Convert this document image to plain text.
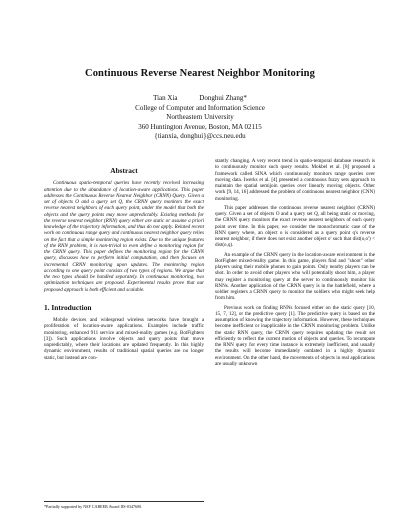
Continuous Reverse Nearest Neighbor Monitoring
Tian Xia	Donghui Zhang*
College of Computer and Information Science
Northeastern University
360 Huntington Avenue, Boston, MA 02115
{tianxia, donghui}@ccs.neu.edu
Abstract

Continuous spatio-temporal queries have recently received increasing attention due to the abundance of location-aware applications. This paper addresses the Continuous Reverse Nearest Neighbor (CRNN) Query. Given a set of objects O and a query set Q, the CRNN query monitors the exact reverse nearest neighbors of each query point, under the model that both the objects and the query points may move unpredictably. Existing methods for the reverse nearest neighbor (RNN) query either are static or assume a priori knowledge of the trajectory information, and thus do not apply. Related recent work on continuous range query and continuous nearest neighbor query relies on the fact that a simple monitoring region exists. Due to the unique features of the RNN problem, it is non-trivial to even define a monitoring region for the CRNN query. This paper defines the monitoring region for the CRNN query, discusses how to perform initial computation, and then focuses on incremental CRNN monitoring upon updates. The monitoring region according to one query point consists of two types of regions. We argue that the two types should be handled separately. In continuous monitoring, two optimization techniques are proposed. Experimental results prove that our proposed approach is both efficient and scalable.

1. Introduction

Mobile devices and widespread wireless networks have brought a proliferation of location-aware applications. Examples include traffic monitoring, enhanced 911 service and mixed-reality games (e.g. BotFighters [3]). Such applications involve objects and query points that move unpredictably, where their locations are updated frequently. In this highly dynamic environment, results of traditional spatial queries are no longer static, but instead are con-

stantly changing. A very recent trend in spatio-temporal database research is to continuously monitor such query results. Mokbel et al. [8] proposed a framework called SINA which continuously monitors range queries over moving data. Iwerks et al. [4] presented a continuous fuzzy sets approach to maintain the spatial semijoin queries over linearly moving objects. Other work [9, 14, 16] addressed the problem of continuous nearest neighbor (CNN) monitoring.

This paper addresses the continuous reverse nearest neighbor (CRNN) query. Given a set of objects O and a query set Q, all being static or moving, the CRNN query monitors the exact reverse nearest neighbors of each query point over time. In this paper, we consider the monochromatic case of the RNN query where, an object o is considered as a query point q's reverse nearest neighbor, if there does not exist another object o' such that dist(o,o') < dist(o,q).

An example of the CRNN query in the location-aware environment is the BotFighter mixed-reality game. In this game, players find and "shoot" other players using their mobile phones to gain points. Only nearby players can be shot. In order to avoid other players who will potentially shoot him, a player may register a monitoring query at the server to continuously monitor his RNNs. Another application of the CRNN query is in the battlefield, where a soldier registers a CRNN query to monitor the soldiers who might seek help from him.

Previous work on finding RNNs focused either on the static query [10, 15, 7, 12], or the predictive query [1]. The predictive query is based on the assumption of knowing the trajectory information. However, these techniques become inefficient or inapplicable in the CRNN monitoring problem. Unlike the static RNN query, the CRNN query requires updating the result set efficiently to reflect the current motion of objects and queries. To recompute the RNN query for every time instance is extremely inefficient, and usually the results will become immediately outdated in a highly dynamic environment. On the other hand, the movements of objects in real applications are usually unknown

*Partially supported by NSF CAREER Award IIS-0347600.
